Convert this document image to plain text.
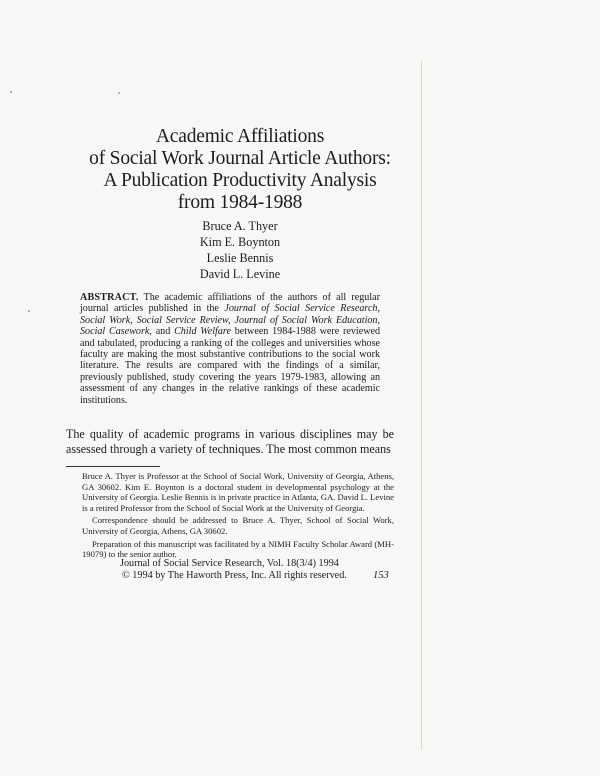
Academic Affiliations
of Social Work Journal Article Authors:
A Publication Productivity Analysis
from 1984-1988
Bruce A. Thyer
Kim E. Boynton
Leslie Bennis
David L. Levine
ABSTRACT. The academic affiliations of the authors of all regular journal articles published in the Journal of Social Service Research, Social Work, Social Service Review, Journal of Social Work Education, Social Casework, and Child Welfare between 1984-1988 were reviewed and tabulated, producing a ranking of the colleges and universities whose faculty are making the most substantive contributions to the social work literature. The results are compared with the findings of a similar, previously published, study covering the years 1979-1983, allowing an assessment of any changes in the relative rankings of these academic institutions.
The quality of academic programs in various disciplines may be assessed through a variety of techniques. The most common means

Bruce A. Thyer is Professor at the School of Social Work, University of Georgia, Athens, GA 30602. Kim E. Boynton is a doctoral student in developmental psychology at the University of Georgia. Leslie Bennis is in private practice in Atlanta, GA. David L. Levine is a retired Professor from the School of Social Work at the University of Georgia.

Correspondence should be addressed to Bruce A. Thyer, School of Social Work, University of Georgia, Athens, GA 30602.

Preparation of this manuscript was facilitated by a NIMH Faculty Scholar Award (MH-19079) to the senior author.

Journal of Social Service Research, Vol. 18(3/4) 1994
© 1994 by The Haworth Press, Inc. All rights reserved.	153
